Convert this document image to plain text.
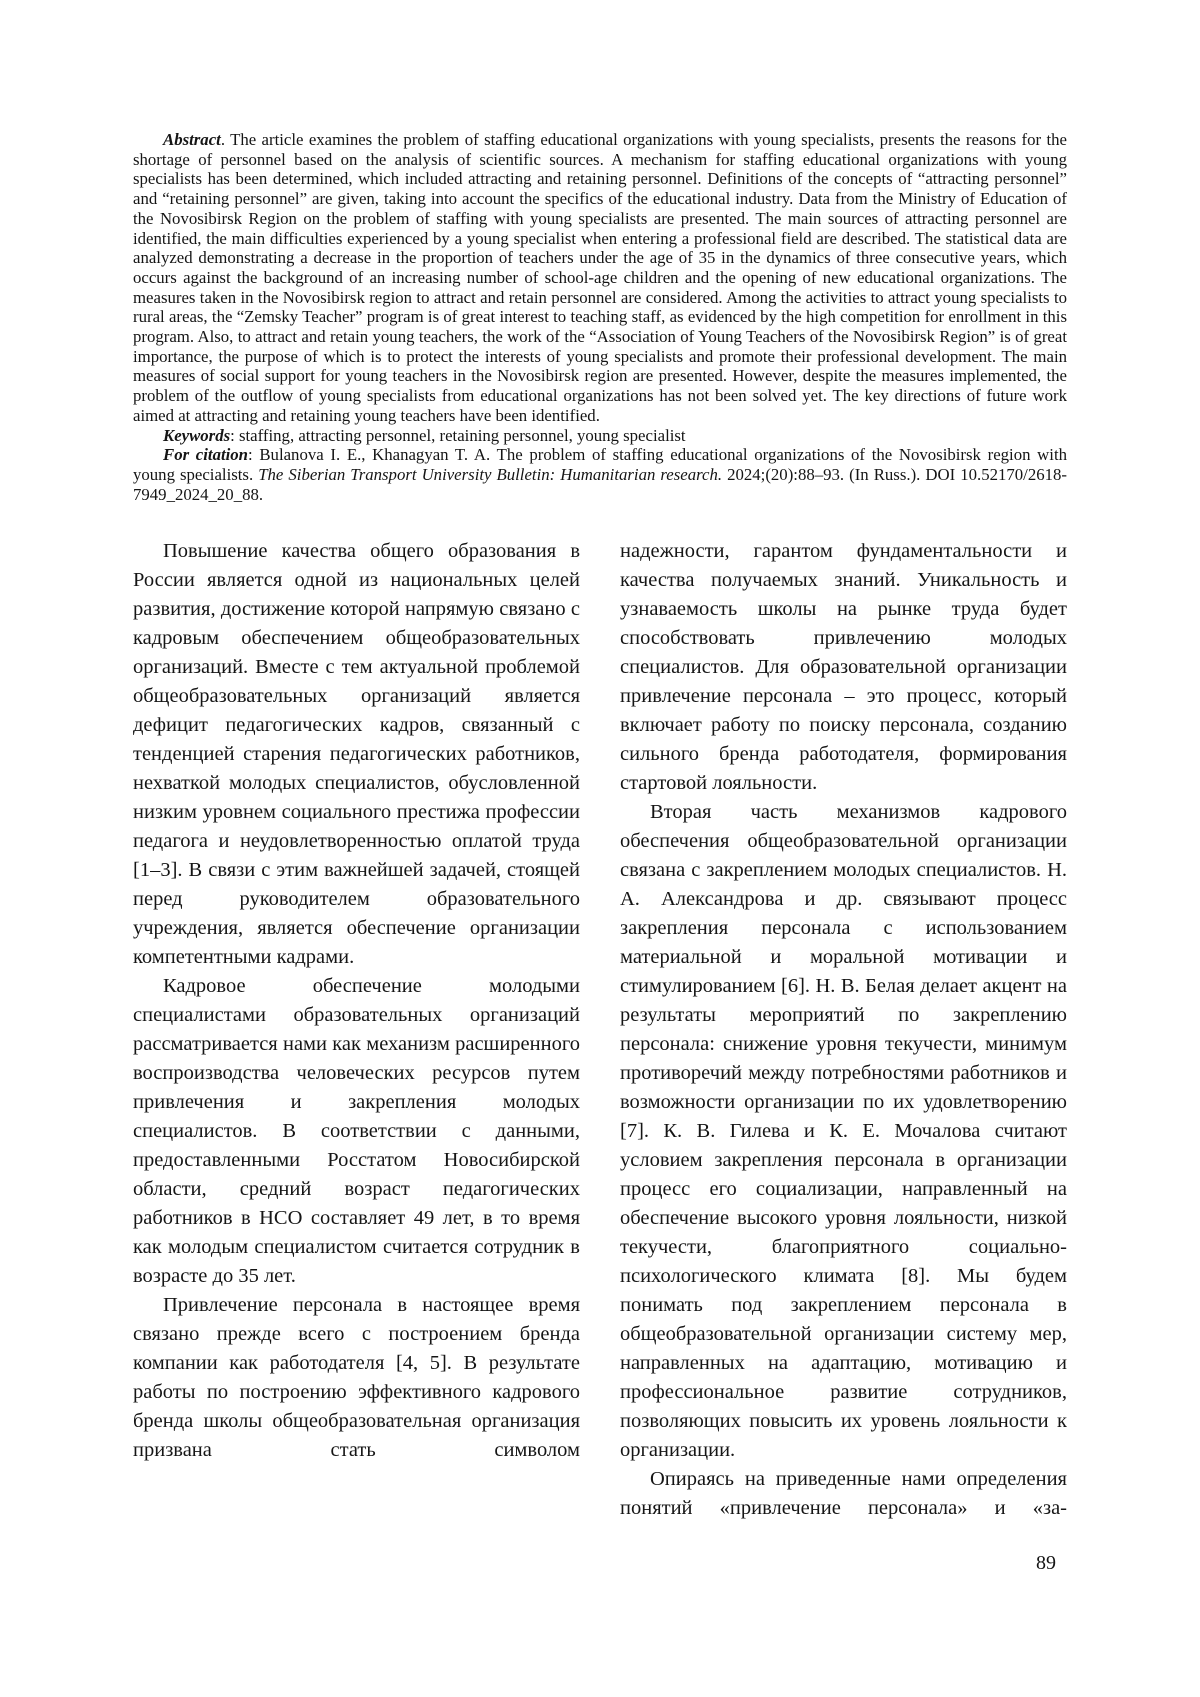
Abstract. The article examines the problem of staffing educational organizations with young specialists, presents the reasons for the shortage of personnel based on the analysis of scientific sources. A mechanism for staffing educational organizations with young specialists has been determined, which included attracting and retaining personnel. Definitions of the concepts of “attracting personnel” and “retaining personnel” are given, taking into account the specifics of the educational industry. Data from the Ministry of Education of the Novosibirsk Region on the problem of staffing with young specialists are presented. The main sources of attracting personnel are identified, the main difficulties experienced by a young specialist when entering a professional field are described. The statistical data are analyzed demonstrating a decrease in the proportion of teachers under the age of 35 in the dynamics of three consecutive years, which occurs against the background of an increasing number of school-age children and the opening of new educational organizations. The measures taken in the Novosibirsk region to attract and retain personnel are considered. Among the activities to attract young specialists to rural areas, the “Zemsky Teacher” program is of great interest to teaching staff, as evidenced by the high competition for enrollment in this program. Also, to attract and retain young teachers, the work of the “Association of Young Teachers of the Novosibirsk Region” is of great importance, the purpose of which is to protect the interests of young specialists and promote their professional development. The main measures of social support for young teachers in the Novosibirsk region are presented. However, despite the measures implemented, the problem of the outflow of young specialists from educational organizations has not been solved yet. The key directions of future work aimed at attracting and retaining young teachers have been identified.

Keywords: staffing, attracting personnel, retaining personnel, young specialist

For citation: Bulanova I. E., Khanagyan T. A. The problem of staffing educational organizations of the Novosibirsk region with young specialists. The Siberian Transport University Bulletin: Humanitarian research. 2024;(20):88–93. (In Russ.). DOI 10.52170/2618-7949_2024_20_88.

Повышение качества общего образования в России является одной из национальных целей развития, достижение которой напрямую связано с кадровым обеспечением общеобразовательных организаций. Вместе с тем актуальной проблемой общеобразовательных организаций является дефицит педагогических кадров, связанный с тенденцией старения педагогических работников, нехваткой молодых специалистов, обусловленной низким уровнем социального престижа профессии педагога и неудовлетворенностью оплатой труда [1–3]. В связи с этим важнейшей задачей, стоящей перед руководителем образовательного учреждения, является обеспечение организации компетентными кадрами.

Кадровое обеспечение молодыми специалистами образовательных организаций рассматривается нами как механизм расширенного воспроизводства человеческих ресурсов путем привлечения и закрепления молодых специалистов. В соответствии с данными, предоставленными Росстатом Новосибирской области, средний возраст педагогических работников в НСО составляет 49 лет, в то время как молодым специалистом считается сотрудник в возрасте до 35 лет.

Привлечение персонала в настоящее время связано прежде всего с построением бренда компании как работодателя [4, 5]. В результате работы по построению эффективного кадрового бренда школы общеобразовательная организация призвана стать символом

надежности, гарантом фундаментальности и качества получаемых знаний. Уникальность и узнаваемость школы на рынке труда будет способствовать привлечению молодых специалистов. Для образовательной организации привлечение персонала – это процесс, который включает работу по поиску персонала, созданию сильного бренда работодателя, формирования стартовой лояльности.

Вторая часть механизмов кадрового обеспечения общеобразовательной организации связана с закреплением молодых специалистов. Н. А. Александрова и др. связывают процесс закрепления персонала с использованием материальной и моральной мотивации и стимулированием [6]. Н. В. Белая делает акцент на результаты мероприятий по закреплению персонала: снижение уровня текучести, минимум противоречий между потребностями работников и возможности организации по их удовлетворению [7]. К. В. Гилева и К. Е. Мочалова считают условием закрепления персонала в организации процесс его социализации, направленный на обеспечение высокого уровня лояльности, низкой текучести, благоприятного социально-психологического климата [8]. Мы будем понимать под закреплением персонала в общеобразовательной организации систему мер, направленных на адаптацию, мотивацию и профессиональное развитие сотрудников, позволяющих повысить их уровень лояльности к организации.

Опираясь на приведенные нами определения понятий «привлечение персонала» и «за-

89
